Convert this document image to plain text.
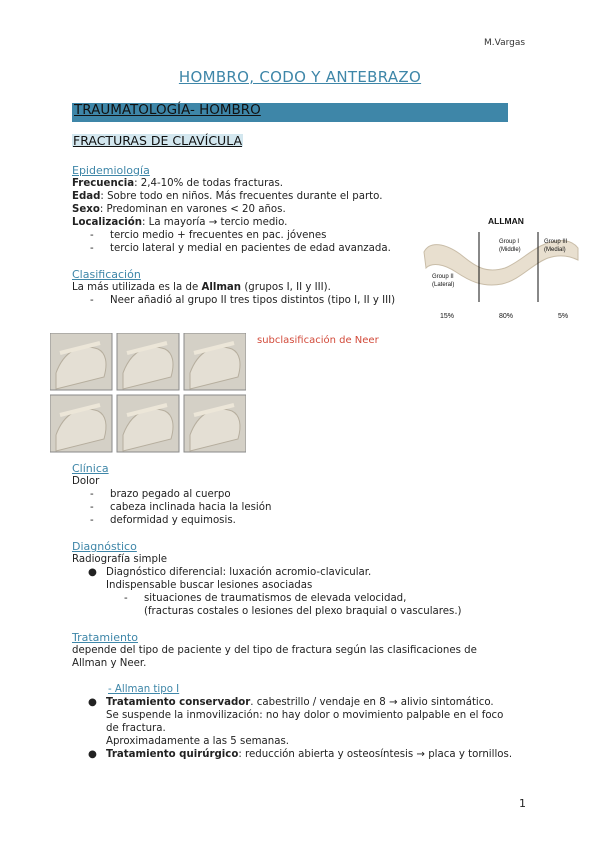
M.Vargas
HOMBRO, CODO Y ANTEBRAZO
TRAUMATOLOGÍA- HOMBRO
FRACTURAS DE CLAVÍCULA
Epidemiología
Frecuencia: 2,4-10% de todas fracturas.
Edad: Sobre todo en niños. Más frecuentes durante el parto.
Sexo: Predominan en varones < 20 años.
Localización: La mayoría → tercio medio.
- tercio medio + frecuentes en pac. jóvenes
- tercio lateral y medial en pacientes de edad avanzada.
Clasificación
La más utilizada es la de Allman (grupos I, II y III).
- Neer añadió al grupo II tres tipos distintos (tipo I, II y III)
ALLMAN
Group II
(Lateral)
Group I
(Middle)
Group III
(Medial)
15%	80%	5%
subclasificación de Neer
Clínica
Dolor
- brazo pegado al cuerpo
- cabeza inclinada hacia la lesión
- deformidad y equimosis.
Diagnóstico
Radiografía simple
● Diagnóstico diferencial: luxación acromio-clavicular.
Indispensable buscar lesiones asociadas
- situaciones de traumatismos de elevada velocidad,
(fracturas costales o lesiones del plexo braquial o vasculares.)
Tratamiento
depende del tipo de paciente y del tipo de fractura según las clasificaciones de
Allman y Neer.
- Allman tipo I
● Tratamiento conservador. cabestrillo / vendaje en 8 → alivio sintomático.
Se suspende la inmovilización: no hay dolor o movimiento palpable en el foco
de fractura.
Aproximadamente a las 5 semanas.
● Tratamiento quirúrgico: reducción abierta y osteosíntesis → placa y tornillos.
1
